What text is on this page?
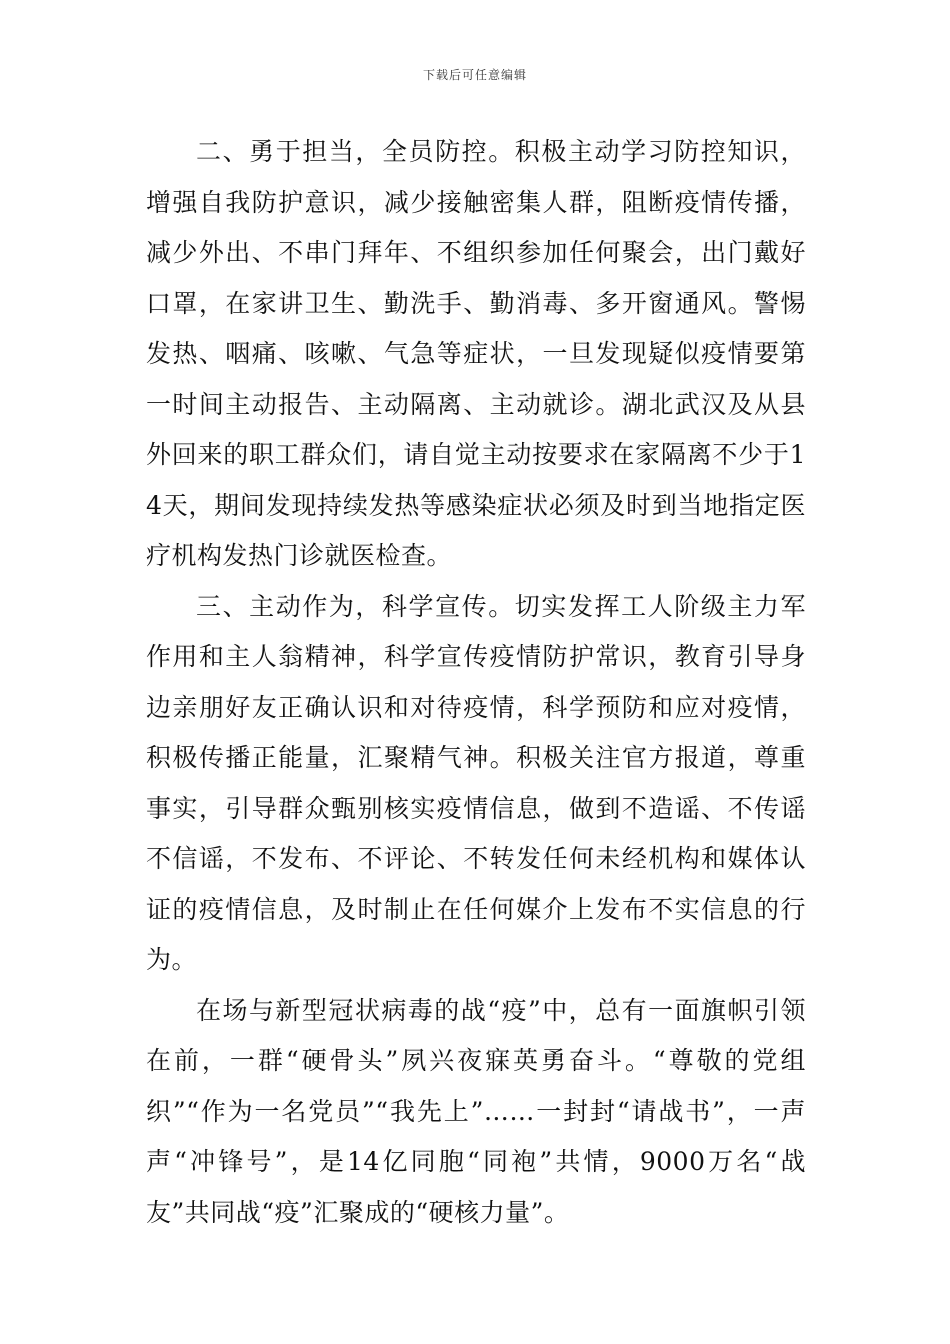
下载后可任意编辑

二、勇于担当，全员防控。积极主动学习防控知识，增强自我防护意识，减少接触密集人群，阻断疫情传播，减少外出、不串门拜年、不组织参加任何聚会，出门戴好口罩，在家讲卫生、勤洗手、勤消毒、多开窗通风。警惕发热、咽痛、咳嗽、气急等症状，一旦发现疑似疫情要第一时间主动报告、主动隔离、主动就诊。湖北武汉及从县外回来的职工群众们，请自觉主动按要求在家隔离不少于14天，期间发现持续发热等感染症状必须及时到当地指定医疗机构发热门诊就医检查。

三、主动作为，科学宣传。切实发挥工人阶级主力军作用和主人翁精神，科学宣传疫情防护常识，教育引导身边亲朋好友正确认识和对待疫情，科学预防和应对疫情，积极传播正能量，汇聚精气神。积极关注官方报道，尊重事实，引导群众甄别核实疫情信息，做到不造谣、不传谣不信谣，不发布、不评论、不转发任何未经机构和媒体认证的疫情信息，及时制止在任何媒介上发布不实信息的行为。

在场与新型冠状病毒的战“疫”中，总有一面旗帜引领在前，一群“硬骨头”夙兴夜寐英勇奋斗。“尊敬的党组织”“作为一名党员”“我先上”……一封封“请战书”，一声声“冲锋号”，是14亿同胞“同袍”共情，9000万名“战友”共同战“疫”汇聚成的“硬核力量”。
